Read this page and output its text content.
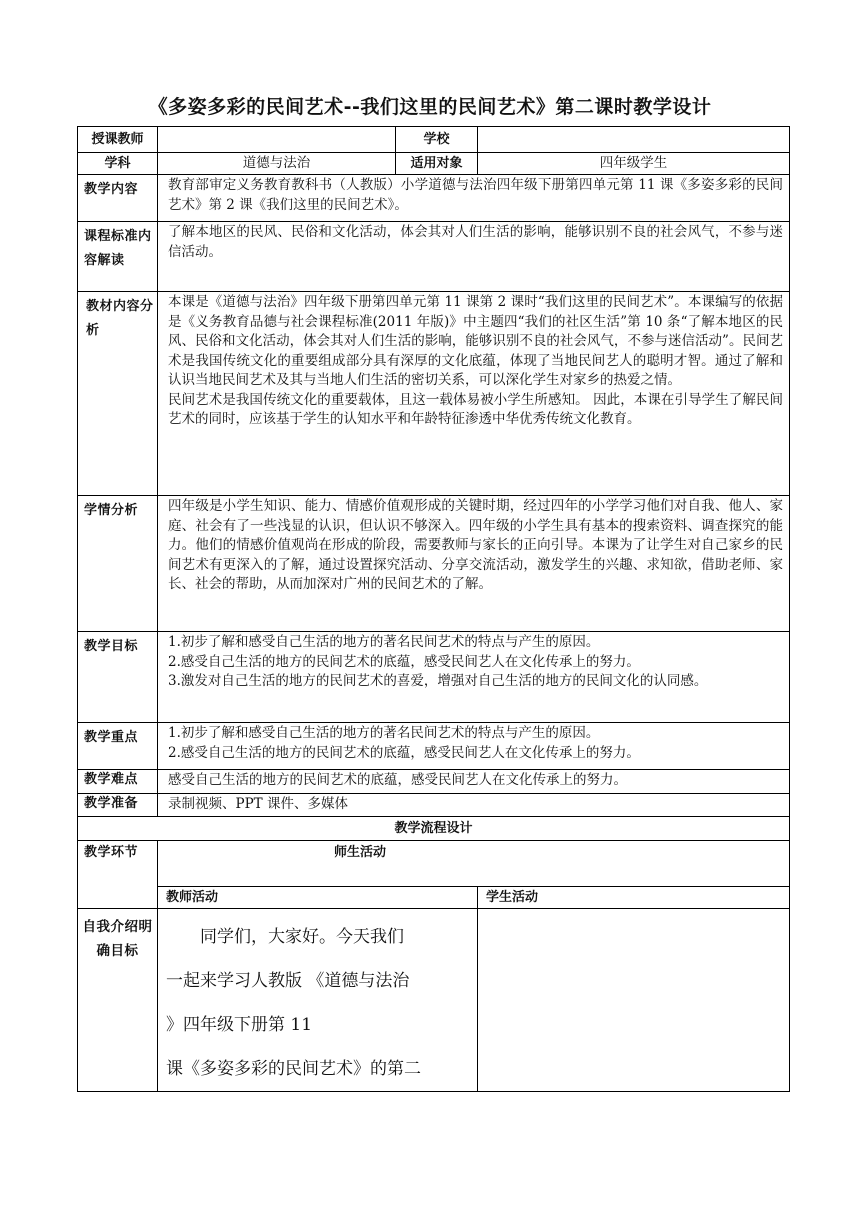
《多姿多彩的民间艺术--我们这里的民间艺术》第二课时教学设计
授课教师		学校	
学科	道德与法治	适用对象	四年级学生
教学内容	教育部审定义务教育教科书（人教版）小学道德与法治四年级下册第四单元第 11 课《多姿多彩的民间艺术》第 2 课《我们这里的民间艺术》。		
课程标准内容解读	了解本地区的民风、民俗和文化活动，体会其对人们生活的影响，能够识别不良的社会风气，不参与迷信活动。		
教材内容分析	本课是《道德与法治》四年级下册第四单元第 11 课第 2 课时“我们这里的民间艺术”。本课编写的依据是《义务教育品德与社会课程标准(2011 年版)》中主题四“我们的社区生活”第 10 条“了解本地区的民风、民俗和文化活动，体会其对人们生活的影响，能够识别不良的社会风气，不参与迷信活动”。民间艺术是我国传统文化的重要组成部分具有深厚的文化底蕴，体现了当地民间艺人的聪明才智。通过了解和认识当地民间艺术及其与当地人们生活的密切关系，可以深化学生对家乡的热爱之情。

民间艺术是我国传统文化的重要载体，且这一载体易被小学生所感知。 因此，本课在引导学生了解民间艺术的同时，应该基于学生的认知水平和年龄特征渗透中华优秀传统文化教育。		

学情分析	四年级是小学生知识、能力、情感价值观形成的关键时期，经过四年的小学学习他们对自我、他人、家庭、社会有了一些浅显的认识，但认识不够深入。四年级的小学生具有基本的搜索资料、调查探究的能力。他们的情感价值观尚在形成的阶段，需要教师与家长的正向引导。本课为了让学生对自己家乡的民间艺术有更深入的了解，通过设置探究活动、分享交流活动，激发学生的兴趣、求知欲，借助老师、家长、社会的帮助，从而加深对广州的民间艺术的了解。		
教学目标	1.初步了解和感受自己生活的地方的著名民间艺术的特点与产生的原因。

2.感受自己生活的地方的民间艺术的底蕴，感受民间艺人在文化传承上的努力。

3.激发对自己生活的地方的民间艺术的喜爱，增强对自己生活的地方的民间文化的认同感。		

教学重点	1.初步了解和感受自己生活的地方的著名民间艺术的特点与产生的原因。

2.感受自己生活的地方的民间艺术的底蕴，感受民间艺人在文化传承上的努力。		

教学难点	感受自己生活的地方的民间艺术的底蕴，感受民间艺人在文化传承上的努力。		
教学准备	录制视频、PPT 课件、多媒体		
教学流程设计			
教学环节	师生活动		
	教师活动		学生活动
自我介绍明确目标	　　同学们，大家好。今天我们

一起来学习人教版 《道德与法治

》四年级下册第 11

课《多姿多彩的民间艺术》的第二		
